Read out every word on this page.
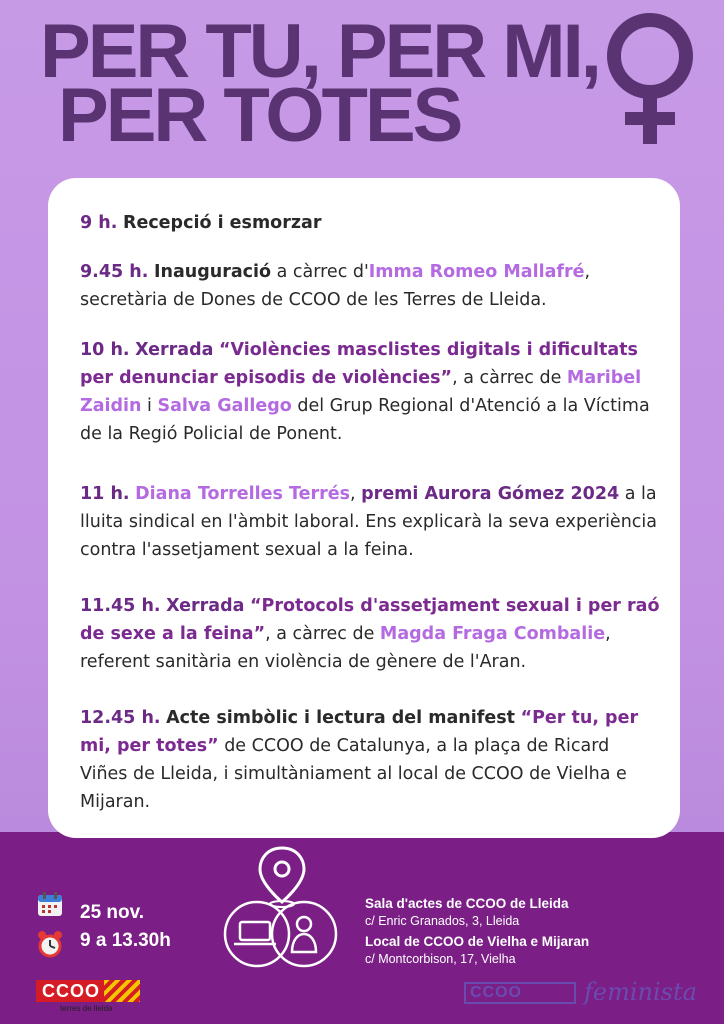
PER TU, PER MI,
PER TOTES
9 h. Recepció i esmorzar
9.45 h. Inauguració a càrrec d'Imma Romeo Mallafré,
secretària de Dones de CCOO de les Terres de Lleida.
10 h. Xerrada “Violències masclistes digitals i dificultats per denunciar episodis de violències”, a càrrec de Maribel Zaidin i Salva Gallego del Grup Regional d'Atenció a la Víctima de la Regió Policial de Ponent.
11 h. Diana Torrelles Terrés, premi Aurora Gómez 2024 a la lluita sindical en l'àmbit laboral. Ens explicarà la seva experiència contra l'assetjament sexual a la feina.
11.45 h. Xerrada “Protocols d'assetjament sexual i per raó de sexe a la feina”, a càrrec de Magda Fraga Combalie, referent sanitària en violència de gènere de l'Aran.
12.45 h. Acte simbòlic i lectura del manifest “Per tu, per mi, per totes” de CCOO de Catalunya, a la plaça de Ricard Viñes de Lleida, i simultàniament al local de CCOO de Vielha e Mijaran.
25 nov.
9 a 13.30h
Sala d'actes de CCOO de Lleida
c/ Enric Granados, 3, Lleida
Local de CCOO de Vielha e Mijaran
c/ Montcorbison, 17, Vielha
CCOO
terres de lleida
CCOO	feminista
